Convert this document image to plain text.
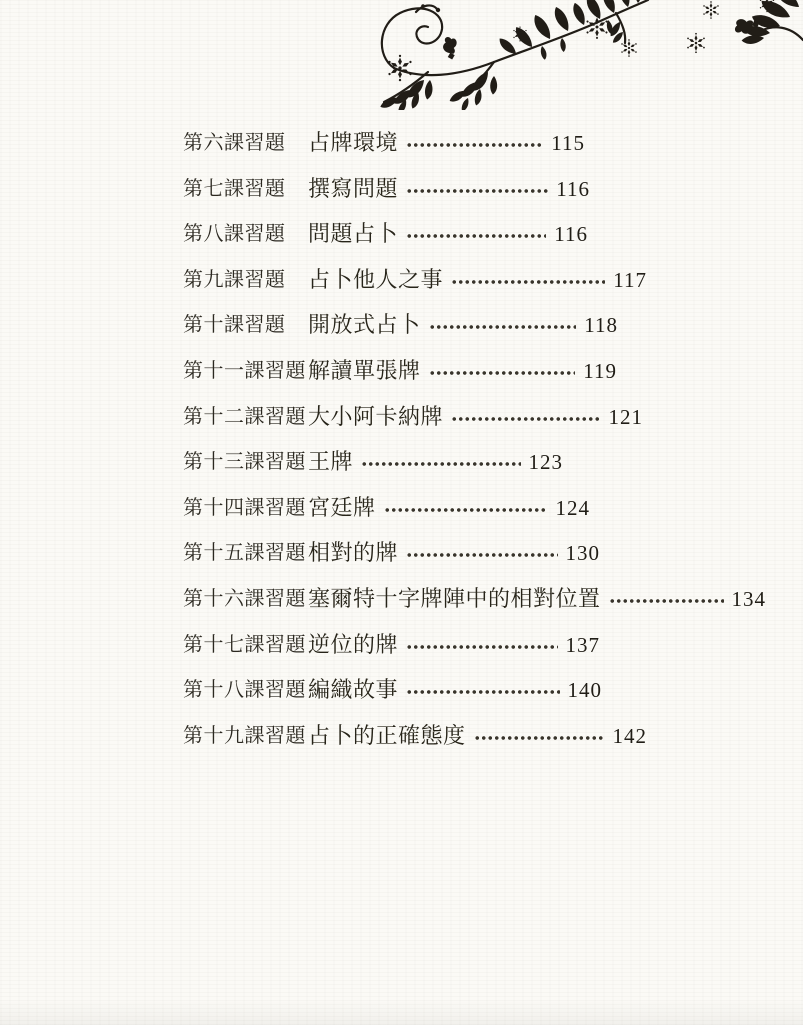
第六課習題	占牌環境	115
第七課習題	撰寫問題	116
第八課習題	問題占卜	116
第九課習題	占卜他人之事	117
第十課習題	開放式占卜	118
第十一課習題 解讀單張牌	119
第十二課習題 大小阿卡納牌	121
第十三課習題 王牌	123
第十四課習題 宮廷牌	124
第十五課習題 相對的牌	130
第十六課習題 塞爾特十字牌陣中的相對位置	134
第十七課習題 逆位的牌	137
第十八課習題 編織故事	140
第十九課習題 占卜的正確態度	142
